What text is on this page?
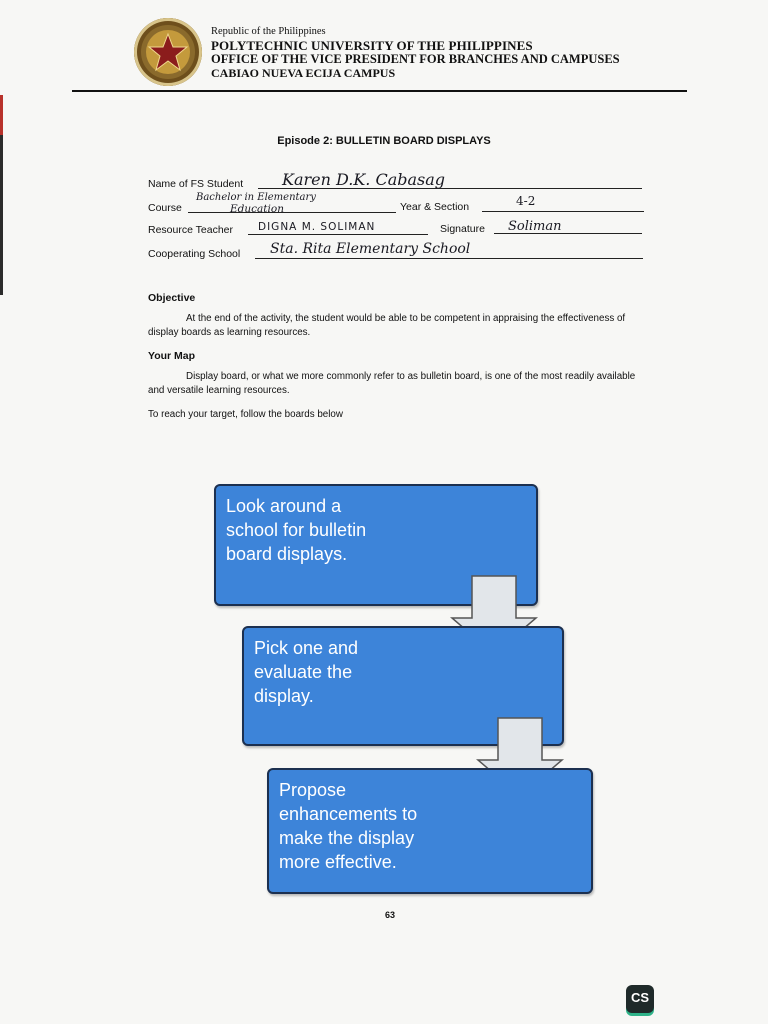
Republic of the Philippines
POLYTECHNIC UNIVERSITY OF THE PHILIPPINES
OFFICE OF THE VICE PRESIDENT FOR BRANCHES AND CAMPUSES
CABIAO NUEVA ECIJA CAMPUS
Episode 2: BULLETIN BOARD DISPLAYS
Name of FS Student Karen D.K. Cabasag
Course
Bachelor in Elementary
Education	Year & Section	4-2
Resource Teacher DIGNA M. SOLIMAN	Signature Soliman
Cooperating School Sta. Rita Elementary School
Objective
At the end of the activity, the student would be able to be competent in appraising the effectiveness of display boards as learning resources.
Your Map
Display board, or what we more commonly refer to as bulletin board, is one of the most readily available and versatile learning resources.
To reach your target, follow the boards below
Look around a school for bulletin board displays.
Pick one and evaluate the display.
Propose enhancements to make the display more effective.
63
CS
